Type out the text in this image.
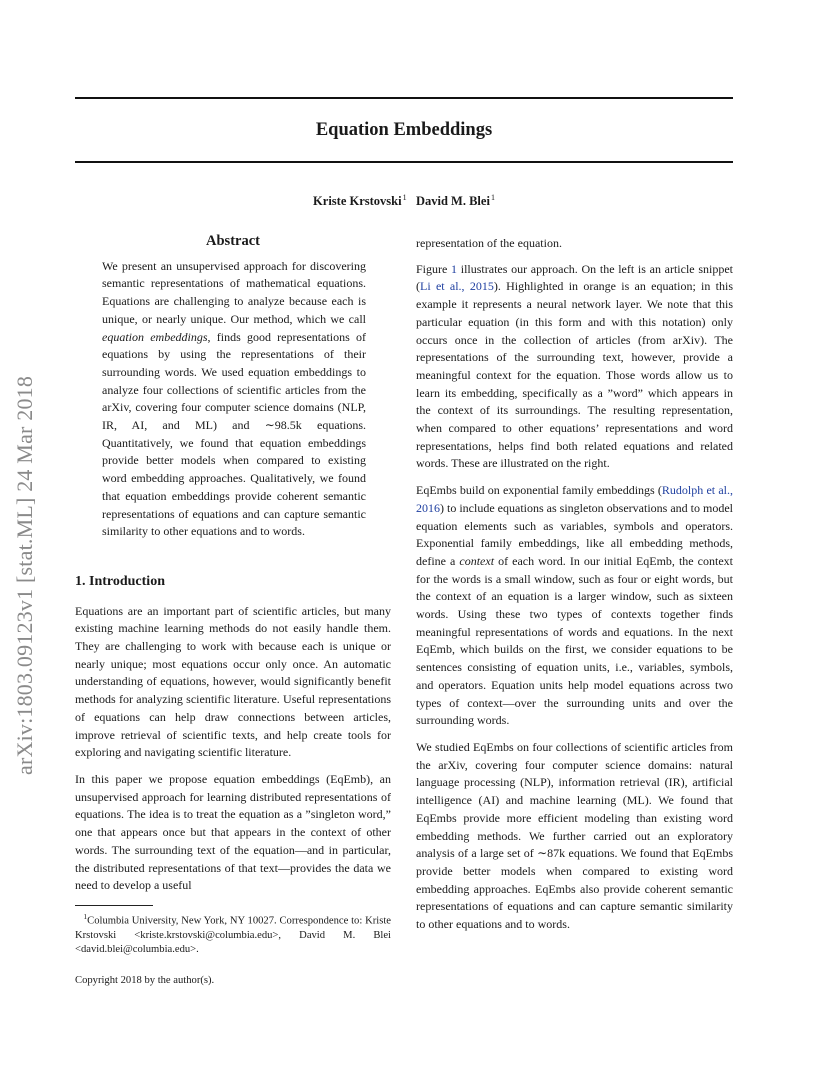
arXiv:1803.09123v1 [stat.ML] 24 Mar 2018
Equation Embeddings
Kriste Krstovski$^1$ David M. Blei$^1$
Abstract

We present an unsupervised approach for discovering semantic representations of mathematical equations. Equations are challenging to analyze because each is unique, or nearly unique. Our method, which we call equation embeddings, finds good representations of equations by using the representations of their surrounding words. We used equation embeddings to analyze four collections of scientific articles from the arXiv, covering four computer science domains (NLP, IR, AI, and ML) and ∼98.5k equations. Quantitatively, we found that equation embeddings provide better models when compared to existing word embedding approaches. Qualitatively, we found that equation embeddings provide coherent semantic representations of equations and can capture semantic similarity to other equations and to words.

1. Introduction

Equations are an important part of scientific articles, but many existing machine learning methods do not easily handle them. They are challenging to work with because each is unique or nearly unique; most equations occur only once. An automatic understanding of equations, however, would significantly benefit methods for analyzing scientific literature. Useful representations of equations can help draw connections between articles, improve retrieval of scientific texts, and help create tools for exploring and navigating scientific literature.

In this paper we propose equation embeddings (EqEmb), an unsupervised approach for learning distributed representations of equations. The idea is to treat the equation as a ”singleton word,” one that appears once but that appears in the context of other words. The surrounding text of the equation—and in particular, the distributed representations of that text—provides the data we need to develop a useful

$^1$Columbia University, New York, NY 10027. Correspondence to: Kriste Krstovski <kriste.krstovski@columbia.edu>, David M. Blei <david.blei@columbia.edu>.

Copyright 2018 by the author(s).

representation of the equation.

Figure 1 illustrates our approach. On the left is an article snippet (Li et al., 2015). Highlighted in orange is an equation; in this example it represents a neural network layer. We note that this particular equation (in this form and with this notation) only occurs once in the collection of articles (from arXiv). The representations of the surrounding text, however, provide a meaningful context for the equation. Those words allow us to learn its embedding, specifically as a ”word” which appears in the context of its surroundings. The resulting representation, when compared to other equations’ representations and word representations, helps find both related equations and related words. These are illustrated on the right.

EqEmbs build on exponential family embeddings (Rudolph et al., 2016) to include equations as singleton observations and to model equation elements such as variables, symbols and operators. Exponential family embeddings, like all embedding methods, define a context of each word. In our initial EqEmb, the context for the words is a small window, such as four or eight words, but the context of an equation is a larger window, such as sixteen words. Using these two types of contexts together finds meaningful representations of words and equations. In the next EqEmb, which builds on the first, we consider equations to be sentences consisting of equation units, i.e., variables, symbols, and operators. Equation units help model equations across two types of context—over the surrounding units and over the surrounding words.

We studied EqEmbs on four collections of scientific articles from the arXiv, covering four computer science domains: natural language processing (NLP), information retrieval (IR), artificial intelligence (AI) and machine learning (ML). We found that EqEmbs provide more efficient modeling than existing word embedding methods. We further carried out an exploratory analysis of a large set of ∼87k equations. We found that EqEmbs provide better models when compared to existing word embedding approaches. EqEmbs also provide coherent semantic representations of equations and can capture semantic similarity to other equations and to words.
